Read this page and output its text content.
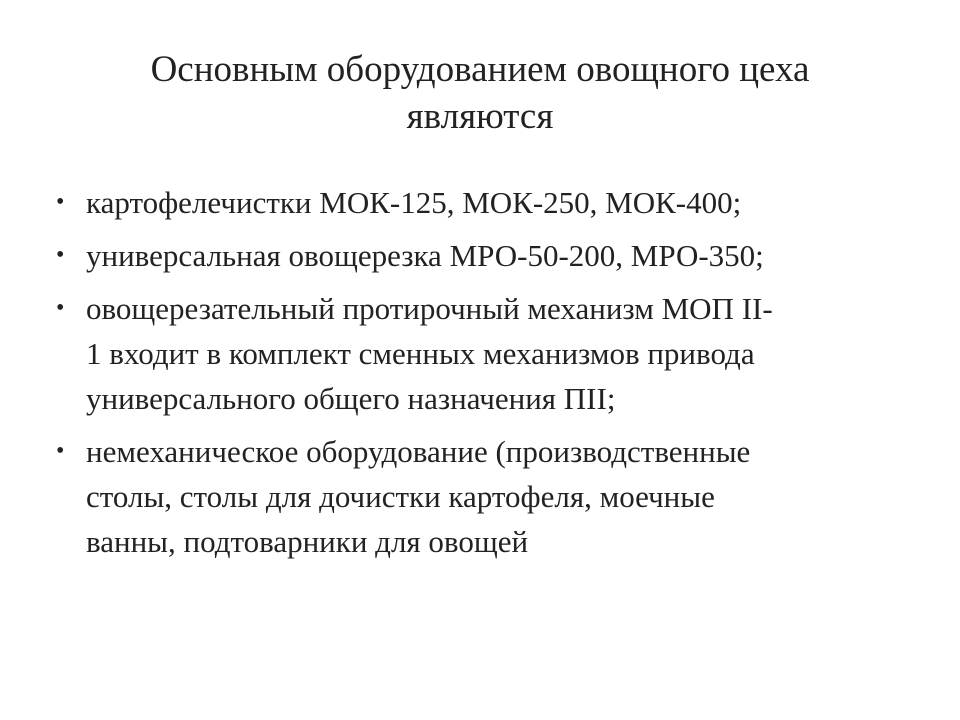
Основным оборудованием овощного цеха
являются
• картофелечистки МОК-125, МОК-250, МОК-400;
• универсальная овощерезка МРО-50-200, МРО-350;
• овощерезательный протирочный механизм МОП II-
1 входит в комплект сменных механизмов привода
универсального общего назначения ПII;
• немеханическое оборудование (производственные
столы, столы для дочистки картофеля, моечные
ванны, подтоварники для овощей
